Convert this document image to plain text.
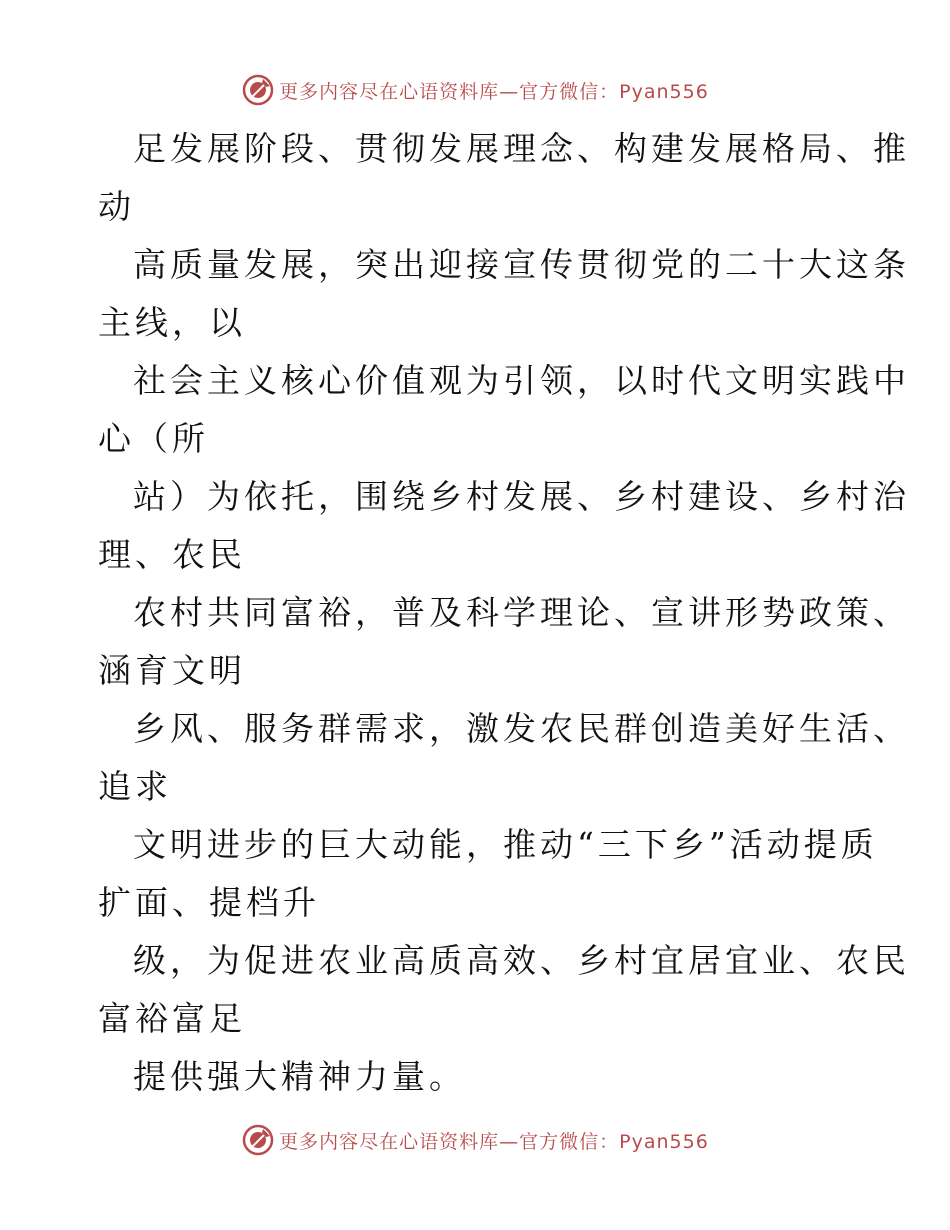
更多内容尽在心语资料库—官方微信：Pyan556

足发展阶段、贯彻发展理念、构建发展格局、推
动

高质量发展，突出迎接宣传贯彻党的二十大这条
主线，以

社会主义核心价值观为引领，以时代文明实践中
心（所

站）为依托，围绕乡村发展、乡村建设、乡村治
理、农民

农村共同富裕，普及科学理论、宣讲形势政策、
涵育文明

乡风、服务群需求，激发农民群创造美好生活、
追求

文明进步的巨大动能，推动“三下乡”活动提质
扩面、提档升

级，为促进农业高质高效、乡村宜居宜业、农民
富裕富足

提供强大精神力量。

更多内容尽在心语资料库—官方微信：Pyan556
